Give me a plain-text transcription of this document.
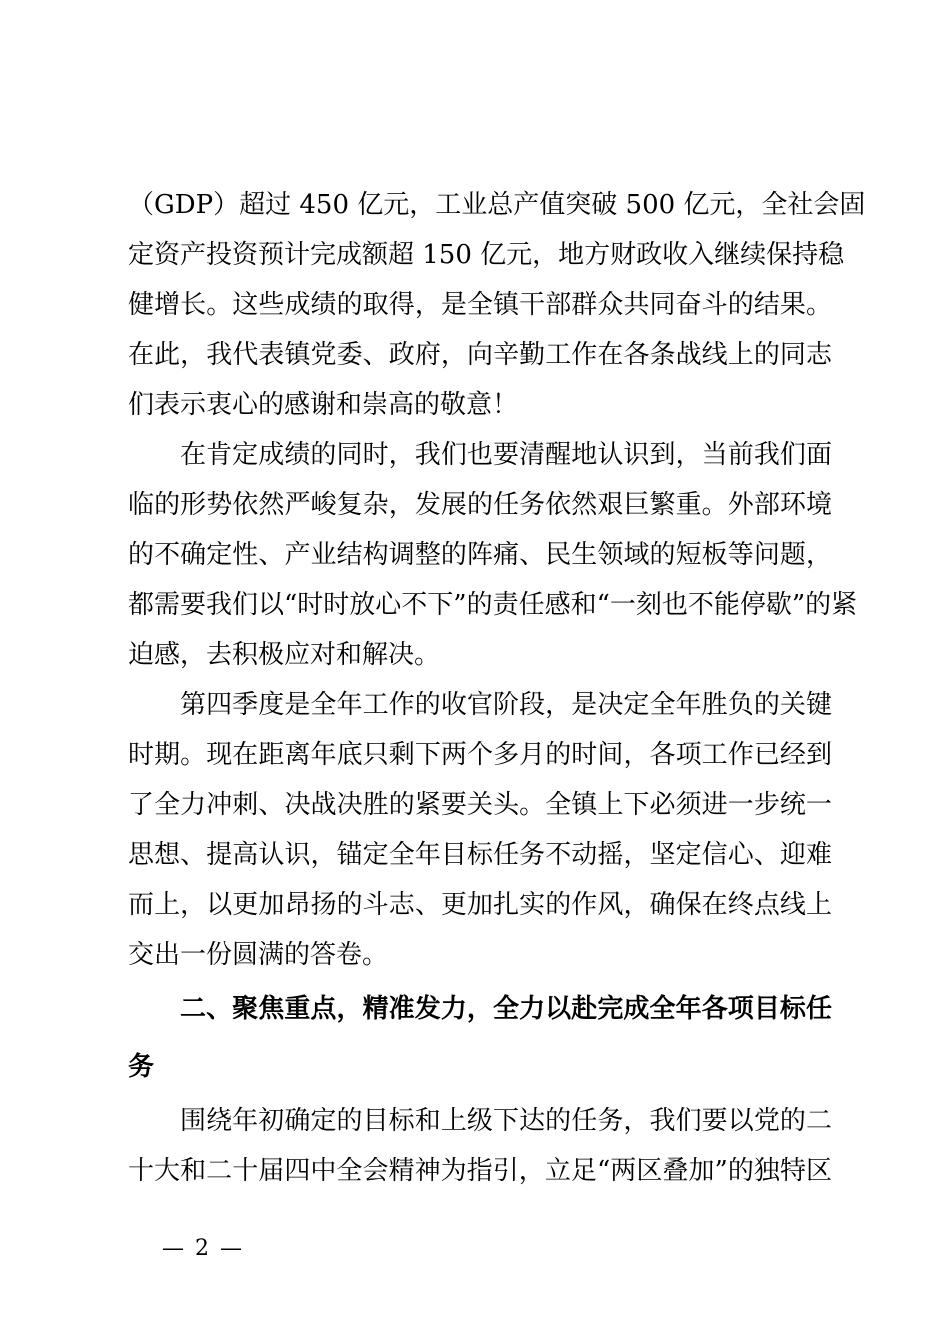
（GDP）超过 450 亿元，工业总产值突破 500 亿元，全社会固
定资产投资预计完成额超 150 亿元，地方财政收入继续保持稳
健增长。这些成绩的取得，是全镇干部群众共同奋斗的结果。
在此，我代表镇党委、政府，向辛勤工作在各条战线上的同志
们表示衷心的感谢和崇高的敬意！
在肯定成绩的同时，我们也要清醒地认识到，当前我们面
临的形势依然严峻复杂，发展的任务依然艰巨繁重。外部环境
的不确定性、产业结构调整的阵痛、民生领域的短板等问题，
都需要我们以“时时放心不下”的责任感和“一刻也不能停歇”的紧
迫感，去积极应对和解决。
第四季度是全年工作的收官阶段，是决定全年胜负的关键
时期。现在距离年底只剩下两个多月的时间，各项工作已经到
了全力冲刺、决战决胜的紧要关头。全镇上下必须进一步统一
思想、提高认识，锚定全年目标任务不动摇，坚定信心、迎难
而上，以更加昂扬的斗志、更加扎实的作风，确保在终点线上
交出一份圆满的答卷。
二、聚焦重点，精准发力，全力以赴完成全年各项目标任
务
围绕年初确定的目标和上级下达的任务，我们要以党的二
十大和二十届四中全会精神为指引，立足“两区叠加”的独特区
— 2 —
